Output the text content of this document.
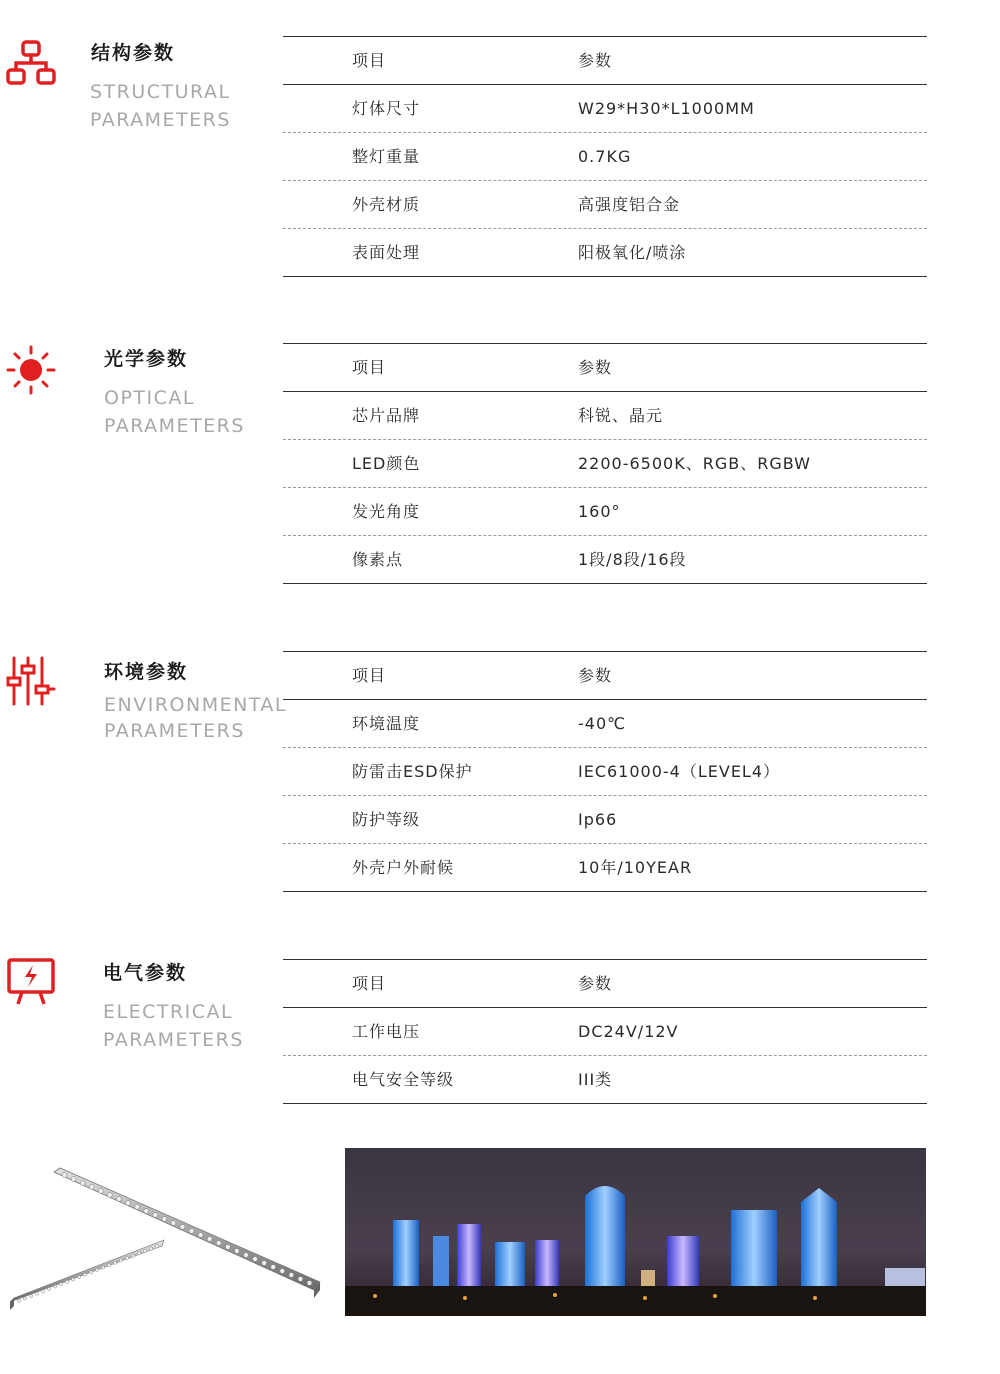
结构参数
STRUCTURAL
PARAMETERS
项目	参数
灯体尺寸	W29*H30*L1000MM
整灯重量	0.7KG
外壳材质	高强度铝合金
表面处理	阳极氧化/喷涂
光学参数
OPTICAL
PARAMETERS
项目	参数
芯片品牌	科锐、晶元
LED颜色	2200-6500K、RGB、RGBW
发光角度	160°
像素点	1段/8段/16段
环境参数
ENVIRONMENTAL
PARAMETERS
项目	参数
环境温度	-40℃
防雷击ESD保护	IEC61000-4（LEVEL4）
防护等级	Ip66
外壳户外耐候	10年/10YEAR
电气参数
ELECTRICAL
PARAMETERS
项目	参数
工作电压	DC24V/12V
电气安全等级	III类
